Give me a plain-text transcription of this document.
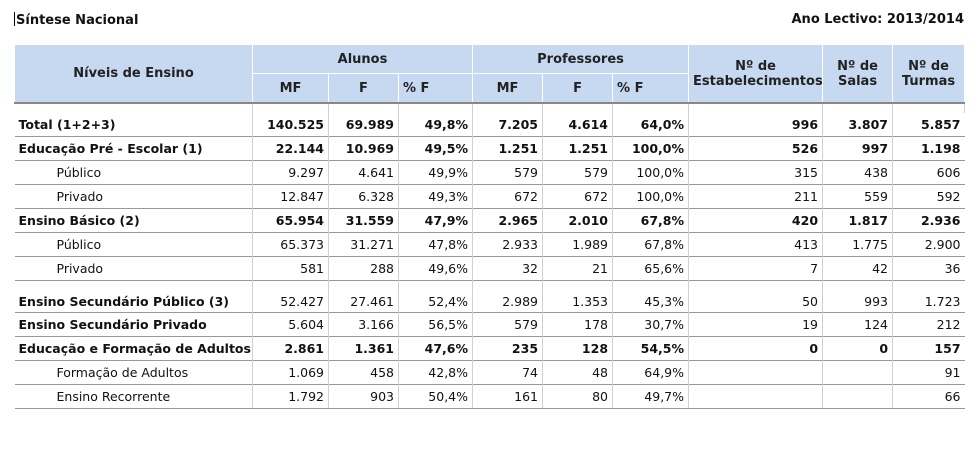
Síntese Nacional	Ano Lectivo: 2013/2014
Níveis de Ensino	Alunos			Professores			Nº de Estabelecimentos	Nº de Salas	Nº de Turmas
	MF	F	% F	MF	F	% F			

Total (1+2+3)	140.525	69.989	49,8%	7.205	4.614	64,0%	996	3.807	5.857
Educação Pré - Escolar (1)	22.144	10.969	49,5%	1.251	1.251	100,0%	526	997	1.198
Público	9.297	4.641	49,9%	579	579	100,0%	315	438	606
Privado	12.847	6.328	49,3%	672	672	100,0%	211	559	592
Ensino Básico (2)	65.954	31.559	47,9%	2.965	2.010	67,8%	420	1.817	2.936
Público	65.373	31.271	47,8%	2.933	1.989	67,8%	413	1.775	2.900
Privado	581	288	49,6%	32	21	65,6%	7	42	36
Ensino Secundário Público (3)	52.427	27.461	52,4%	2.989	1.353	45,3%	50	993	1.723
Ensino Secundário Privado	5.604	3.166	56,5%	579	178	30,7%	19	124	212
Educação e Formação de Adultos	2.861	1.361	47,6%	235	128	54,5%	0	0	157
Formação de Adultos	1.069	458	42,8%	74	48	64,9%			91
Ensino Recorrente	1.792	903	50,4%	161	80	49,7%			66
